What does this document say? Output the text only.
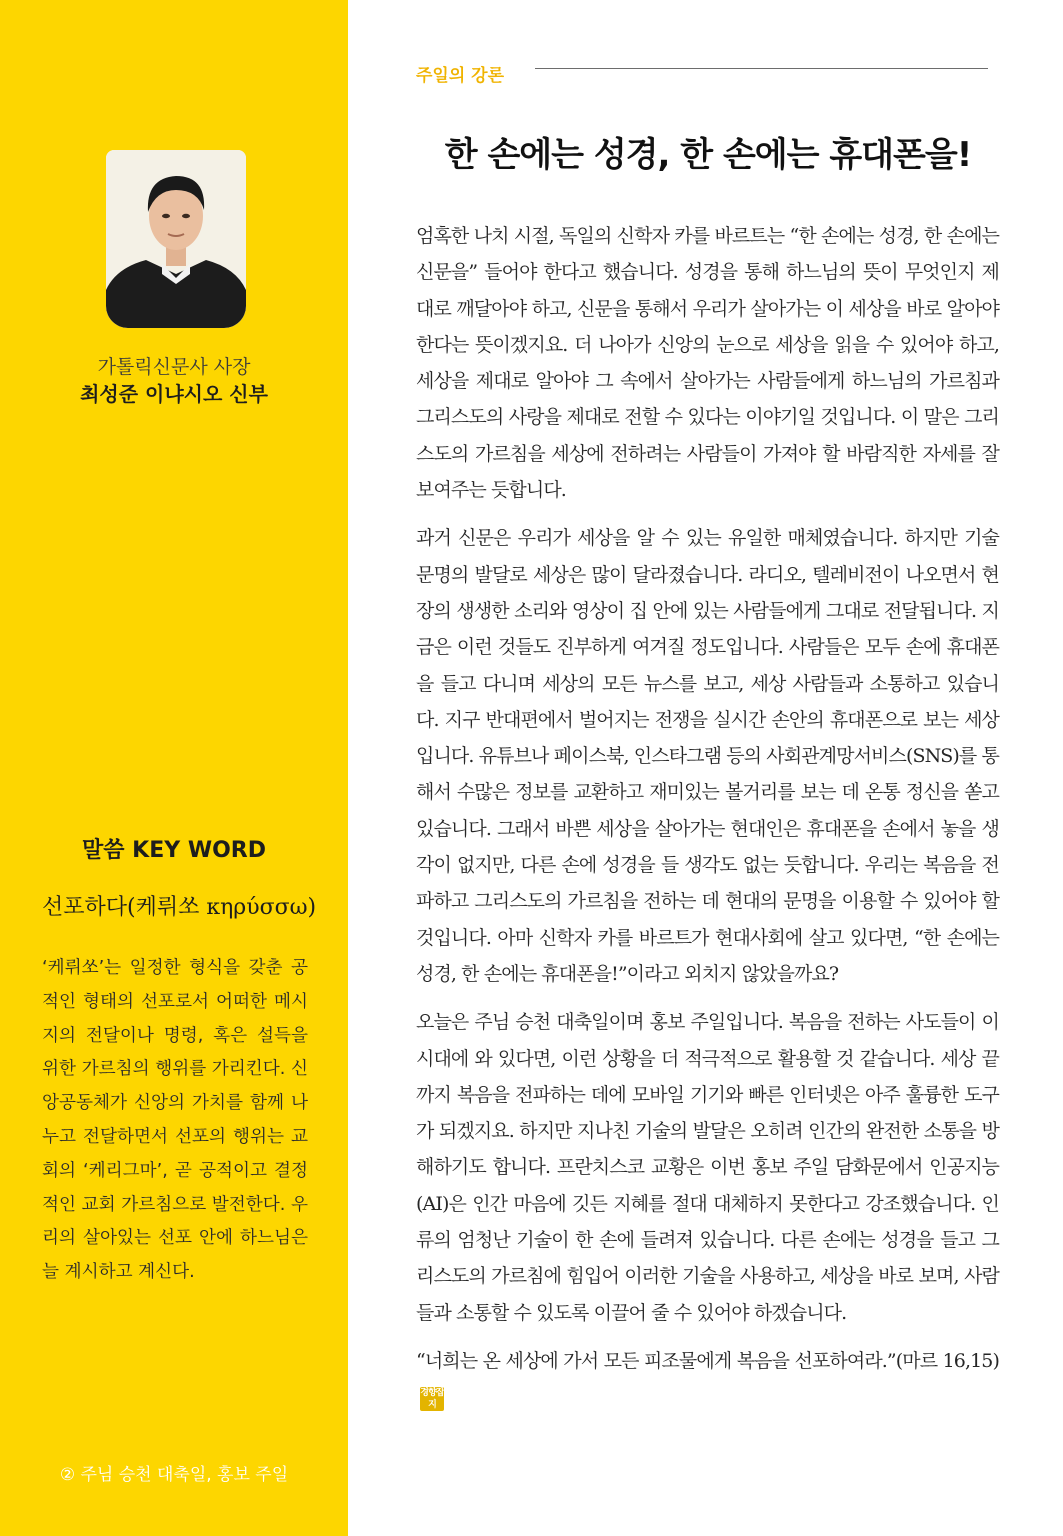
가톨릭신문사 사장
최성준 이냐시오 신부
말씀 KEY WORD
선포하다(케뤼쏘 κηρύσσω)
‘케뤼쏘’는 일정한 형식을 갖춘 공적인 형태의 선포로서 어떠한 메시지의 전달이나 명령, 혹은 설득을 위한 가르침의 행위를 가리킨다. 신앙공동체가 신앙의 가치를 함께 나누고 전달하면서 선포의 행위는 교회의 ‘케리그마’, 곧 공적이고 결정적인 교회 가르침으로 발전한다. 우리의 살아있는 선포 안에 하느님은 늘 계시하고 계신다.
② 주님 승천 대축일, 홍보 주일
주일의 강론
한 손에는 성경, 한 손에는 휴대폰을!

엄혹한 나치 시절, 독일의 신학자 카를 바르트는 “한 손에는 성경, 한 손에는 신문을” 들어야 한다고 했습니다. 성경을 통해 하느님의 뜻이 무엇인지 제대로 깨달아야 하고, 신문을 통해서 우리가 살아가는 이 세상을 바로 알아야 한다는 뜻이겠지요. 더 나아가 신앙의 눈으로 세상을 읽을 수 있어야 하고, 세상을 제대로 알아야 그 속에서 살아가는 사람들에게 하느님의 가르침과 그리스도의 사랑을 제대로 전할 수 있다는 이야기일 것입니다. 이 말은 그리스도의 가르침을 세상에 전하려는 사람들이 가져야 할 바람직한 자세를 잘 보여주는 듯합니다.

과거 신문은 우리가 세상을 알 수 있는 유일한 매체였습니다. 하지만 기술 문명의 발달로 세상은 많이 달라졌습니다. 라디오, 텔레비전이 나오면서 현장의 생생한 소리와 영상이 집 안에 있는 사람들에게 그대로 전달됩니다. 지금은 이런 것들도 진부하게 여겨질 정도입니다. 사람들은 모두 손에 휴대폰을 들고 다니며 세상의 모든 뉴스를 보고, 세상 사람들과 소통하고 있습니다. 지구 반대편에서 벌어지는 전쟁을 실시간 손안의 휴대폰으로 보는 세상입니다. 유튜브나 페이스북, 인스타그램 등의 사회관계망서비스(SNS)를 통해서 수많은 정보를 교환하고 재미있는 볼거리를 보는 데 온통 정신을 쏟고 있습니다. 그래서 바쁜 세상을 살아가는 현대인은 휴대폰을 손에서 놓을 생각이 없지만, 다른 손에 성경을 들 생각도 없는 듯합니다. 우리는 복음을 전파하고 그리스도의 가르침을 전하는 데 현대의 문명을 이용할 수 있어야 할 것입니다. 아마 신학자 카를 바르트가 현대사회에 살고 있다면, “한 손에는 성경, 한 손에는 휴대폰을!”이라고 외치지 않았을까요?

오늘은 주님 승천 대축일이며 홍보 주일입니다. 복음을 전하는 사도들이 이 시대에 와 있다면, 이런 상황을 더 적극적으로 활용할 것 같습니다. 세상 끝까지 복음을 전파하는 데에 모바일 기기와 빠른 인터넷은 아주 훌륭한 도구가 되겠지요. 하지만 지나친 기술의 발달은 오히려 인간의 완전한 소통을 방해하기도 합니다. 프란치스코 교황은 이번 홍보 주일 담화문에서 인공지능(AI)은 인간 마음에 깃든 지혜를 절대 대체하지 못한다고 강조했습니다. 인류의 엄청난 기술이 한 손에 들려져 있습니다. 다른 손에는 성경을 들고 그리스도의 가르침에 힘입어 이러한 기술을 사용하고, 세상을 바로 보며, 사람들과 소통할 수 있도록 이끌어 줄 수 있어야 하겠습니다.

“너희는 온 세상에 가서 모든 피조물에게 복음을 선포하여라.”(마르 16,15)경향잡지
